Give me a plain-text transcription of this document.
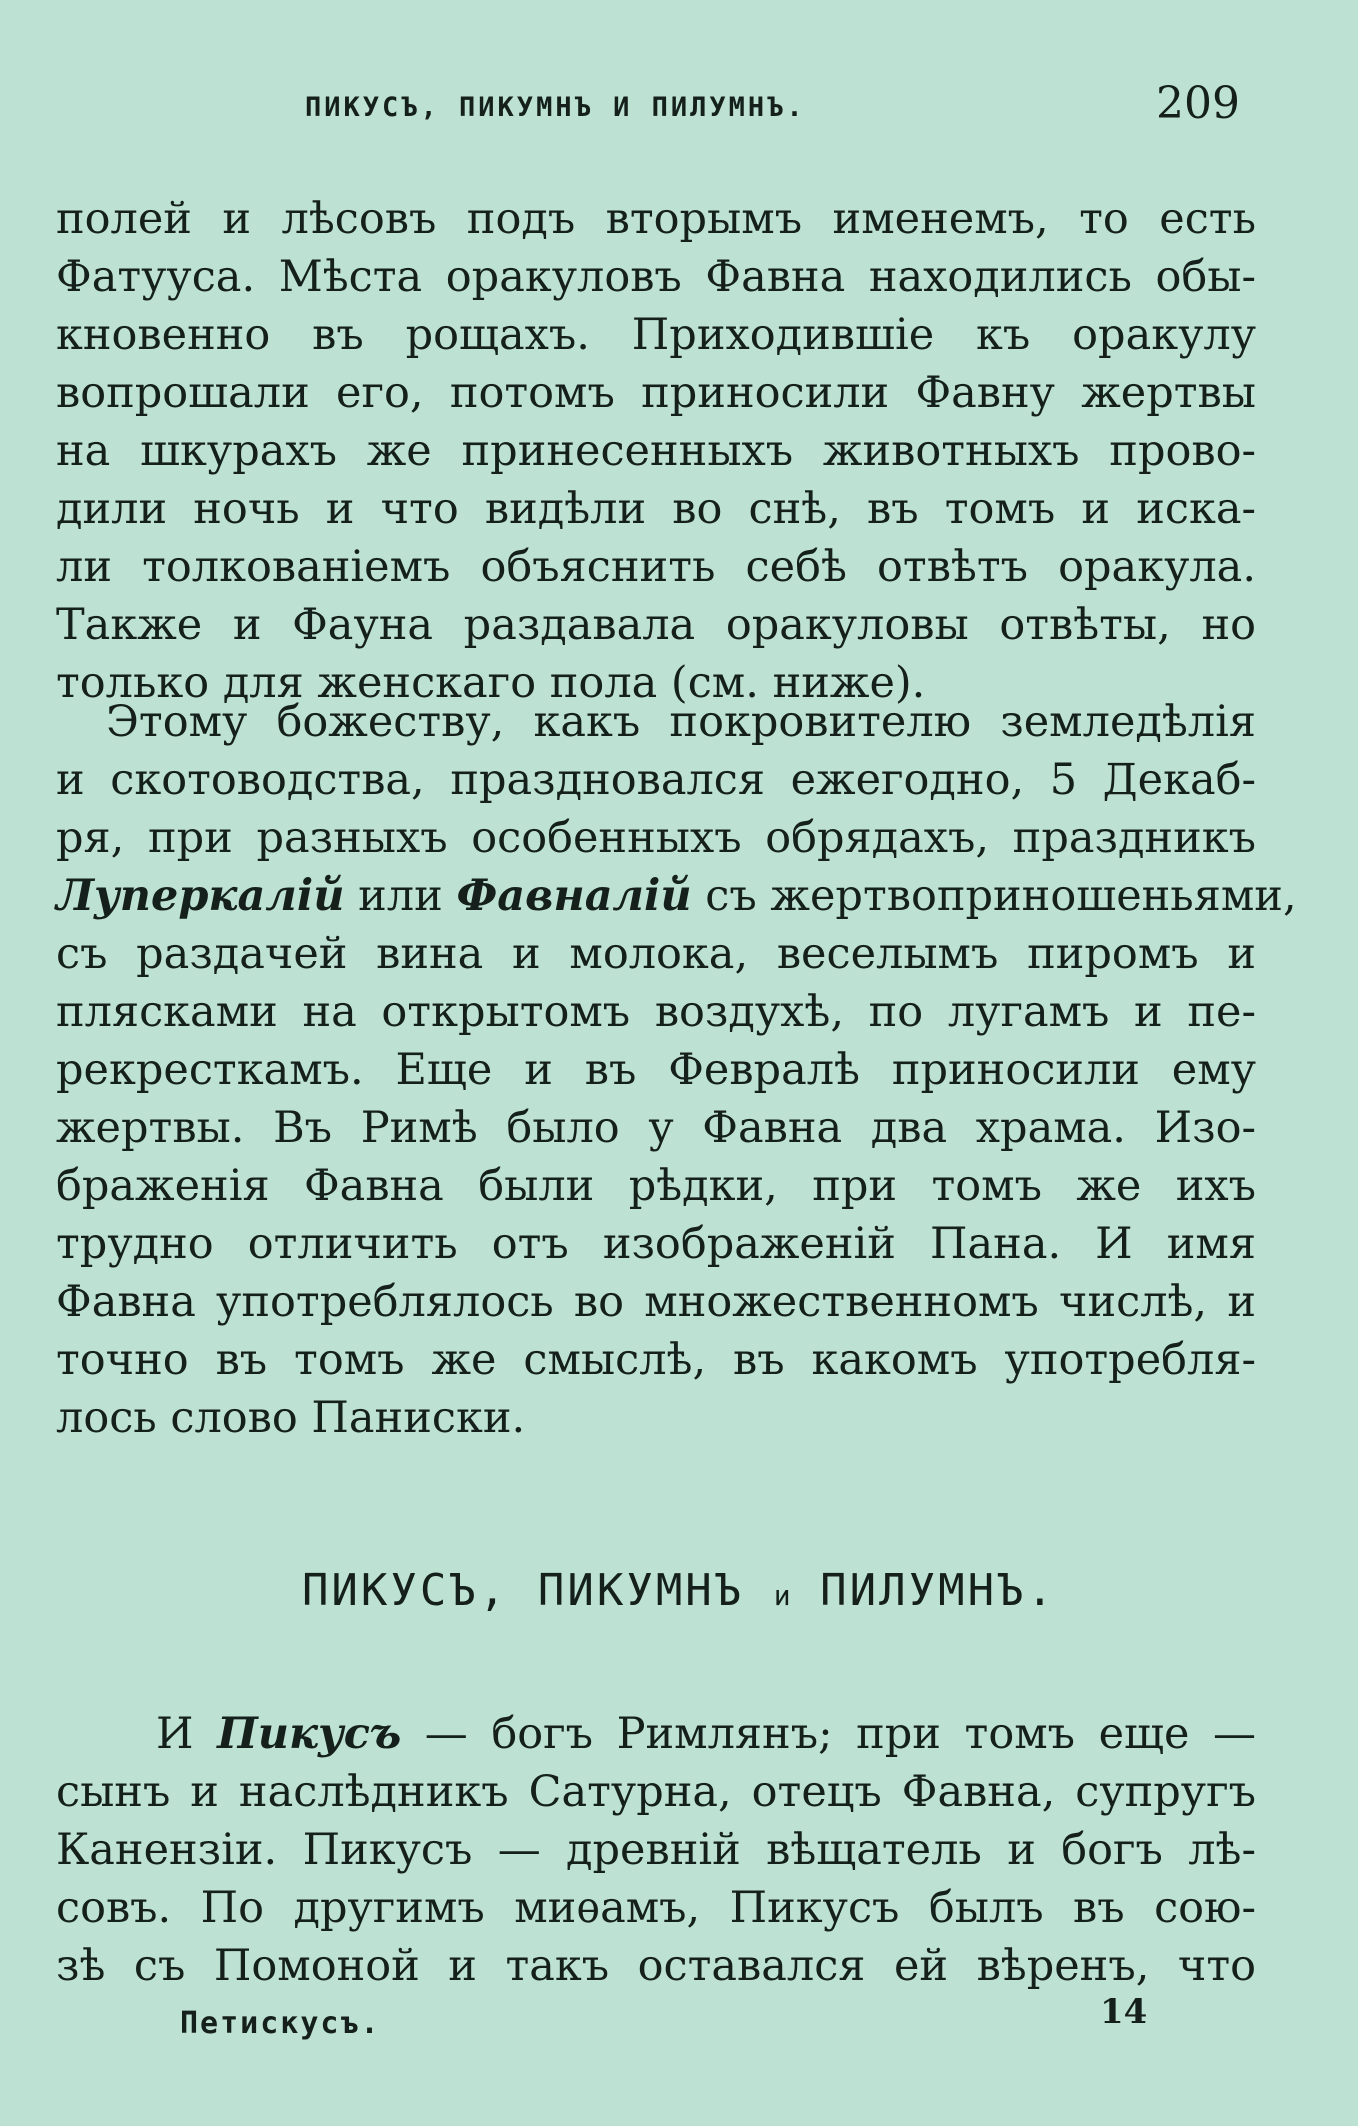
ПИКУСЪ, ПИКУМНЪ И ПИЛУМНЪ.	209
полей и лѣсовъ подъ вторымъ именемъ, то есть
Фатууса. Мѣста оракуловъ Фавна находились обы-
кновенно въ рощахъ. Приходившіе къ оракулу
вопрошали его, потомъ приносили Фавну жертвы
на шкурахъ же принесенныхъ животныхъ прово-
дили ночь и что видѣли во снѣ, въ томъ и иска-
ли толкованіемъ объяснить себѣ отвѣтъ оракула.
Также и Фауна раздавала оракуловы отвѣты, но
только для женскаго пола (см. ниже).
Этому божеству, какъ покровителю земледѣлія
и скотоводства, праздновался ежегодно, 5 Декаб-
ря, при разныхъ особенныхъ обрядахъ, праздникъ
Луперкалій или Фавналій съ жертвоприношеньями,
съ раздачей вина и молока, веселымъ пиромъ и
плясками на открытомъ воздухѣ, по лугамъ и пе-
рекресткамъ. Еще и въ Февралѣ приносили ему
жертвы. Въ Римѣ было у Фавна два храма. Изо-
браженія Фавна были рѣдки, при томъ же ихъ
трудно отличить отъ изображеній Пана. И имя
Фавна употреблялось во множественномъ числѣ, и
точно въ томъ же смыслѣ, въ какомъ употребля-
лось слово Паниски.
ПИКУСЪ, ПИКУМНЪ и ПИЛУМНЪ.
И Пикусъ — богъ Римлянъ; при томъ еще —
сынъ и наслѣдникъ Сатурна, отецъ Фавна, супругъ
Канензіи. Пикусъ — древній вѣщатель и богъ лѣ-
совъ. По другимъ миѳамъ, Пикусъ былъ въ сою-
зѣ съ Помоной и такъ оставался ей вѣренъ, что
Петискусъ.	14
